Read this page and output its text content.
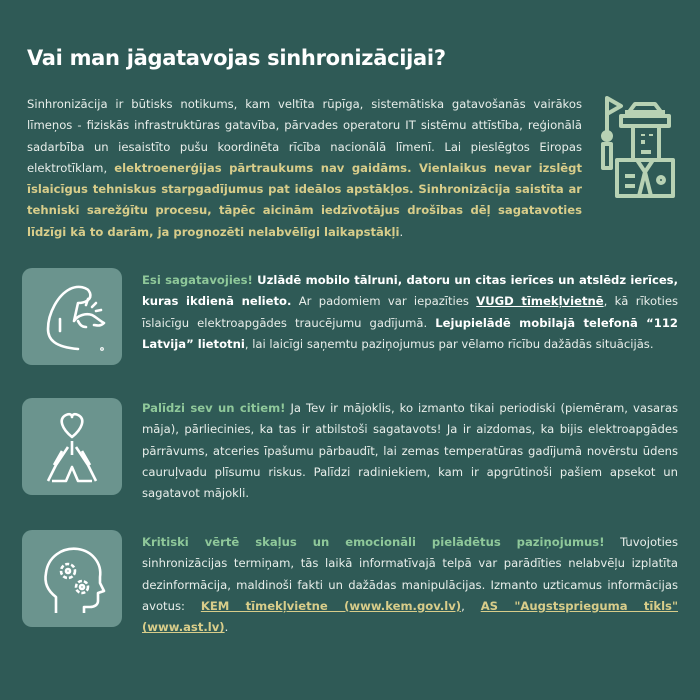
Vai man jāgatavojas sinhronizācijai?
Sinhronizācija ir būtisks notikums, kam veltīta rūpīga, sistemātiska gatavošanās vairākos līmeņos - fiziskās infrastruktūras gatavība, pārvades operatoru IT sistēmu attīstība, reģionālā sadarbība un iesaistīto pušu koordinēta rīcība nacionālā līmenī. Lai pieslēgtos Eiropas elektrotīklam, elektroenerģijas pārtraukums nav gaidāms. Vienlaikus nevar izslēgt īslaicīgus tehniskus starpgadījumus pat ideālos apstākļos. Sinhronizācija saistīta ar tehniski sarežģītu procesu, tāpēc aicinām iedzīvotājus drošības dēļ sagatavoties līdzīgi kā to darām, ja prognozēti nelabvēlīgi laikapstākļi.
Esi sagatavojies! Uzlādē mobilo tālruni, datoru un citas ierīces un atslēdz ierīces, kuras ikdienā nelieto. Ar padomiem var iepazīties VUGD tīmekļvietnē, kā rīkoties īslaicīgu elektroapgādes traucējumu gadījumā. Lejupielādē mobilajā telefonā “112 Latvija” lietotni, lai laicīgi saņemtu paziņojumus par vēlamo rīcību dažādās situācijās.
Palīdzi sev un citiem! Ja Tev ir mājoklis, ko izmanto tikai periodiski (piemēram, vasaras māja), pārliecinies, ka tas ir atbilstoši sagatavots! Ja ir aizdomas, ka bijis elektroapgādes pārrāvums, atceries īpašumu pārbaudīt, lai zemas temperatūras gadījumā novērstu ūdens cauruļvadu plīsumu riskus. Palīdzi radiniekiem, kam ir apgrūtinoši pašiem apsekot un sagatavot mājokli.
Kritiski vērtē skaļus un emocionāli pielādētus paziņojumus! Tuvojoties sinhronizācijas termiņam, tās laikā informatīvajā telpā var parādīties nelabvēļu izplatīta dezinformācija, maldinoši fakti un dažādas manipulācijas. Izmanto uzticamus informācijas avotus: KEM tīmekļvietne (www.kem.gov.lv), AS "Augstsprieguma tīkls" (www.ast.lv).
